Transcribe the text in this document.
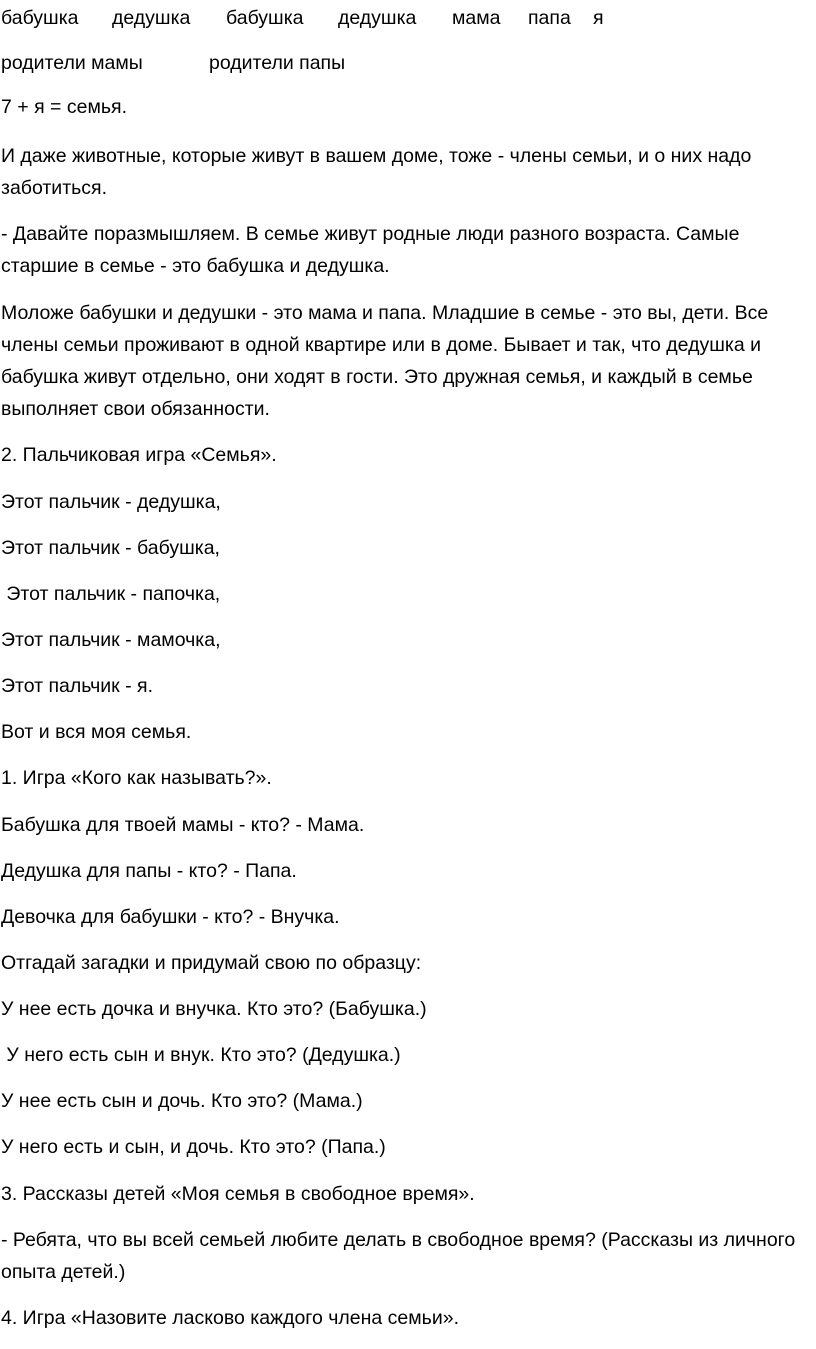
бабушка дедушка бабушка дедушка мама папа я
родители мамы	родители папы
7 + я = семья.
И даже животные, которые живут в вашем доме, тоже - члены семьи, и о них надо заботиться.
- Давайте поразмышляем. В семье живут родные люди разного возраста. Самые старшие в семье - это бабушка и дедушка.
Моложе бабушки и дедушки - это мама и папа. Младшие в семье - это вы, дети. Все члены семьи проживают в одной квартире или в доме. Бывает и так, что дедушка и бабушка живут отдельно, они ходят в гости. Это дружная семья, и каждый в семье выполняет свои обязанности.
2. Пальчиковая игра «Семья».
Этот пальчик - дедушка,
Этот пальчик - бабушка,
Этот пальчик - папочка,
Этот пальчик - мамочка,
Этот пальчик - я.
Вот и вся моя семья.
1. Игра «Кого как называть?».
Бабушка для твоей мамы - кто? - Мама.
Дедушка для папы - кто? - Папа.
Девочка для бабушки - кто? - Внучка.
Отгадай загадки и придумай свою по образцу:
У нее есть дочка и внучка. Кто это? (Бабушка.)
У него есть сын и внук. Кто это? (Дедушка.)
У нее есть сын и дочь. Кто это? (Мама.)
У него есть и сын, и дочь. Кто это? (Папа.)
3. Рассказы детей «Моя семья в свободное время».
- Ребята, что вы всей семьей любите делать в свободное время? (Рассказы из личного опыта детей.)
4. Игра «Назовите ласково каждого члена семьи».
